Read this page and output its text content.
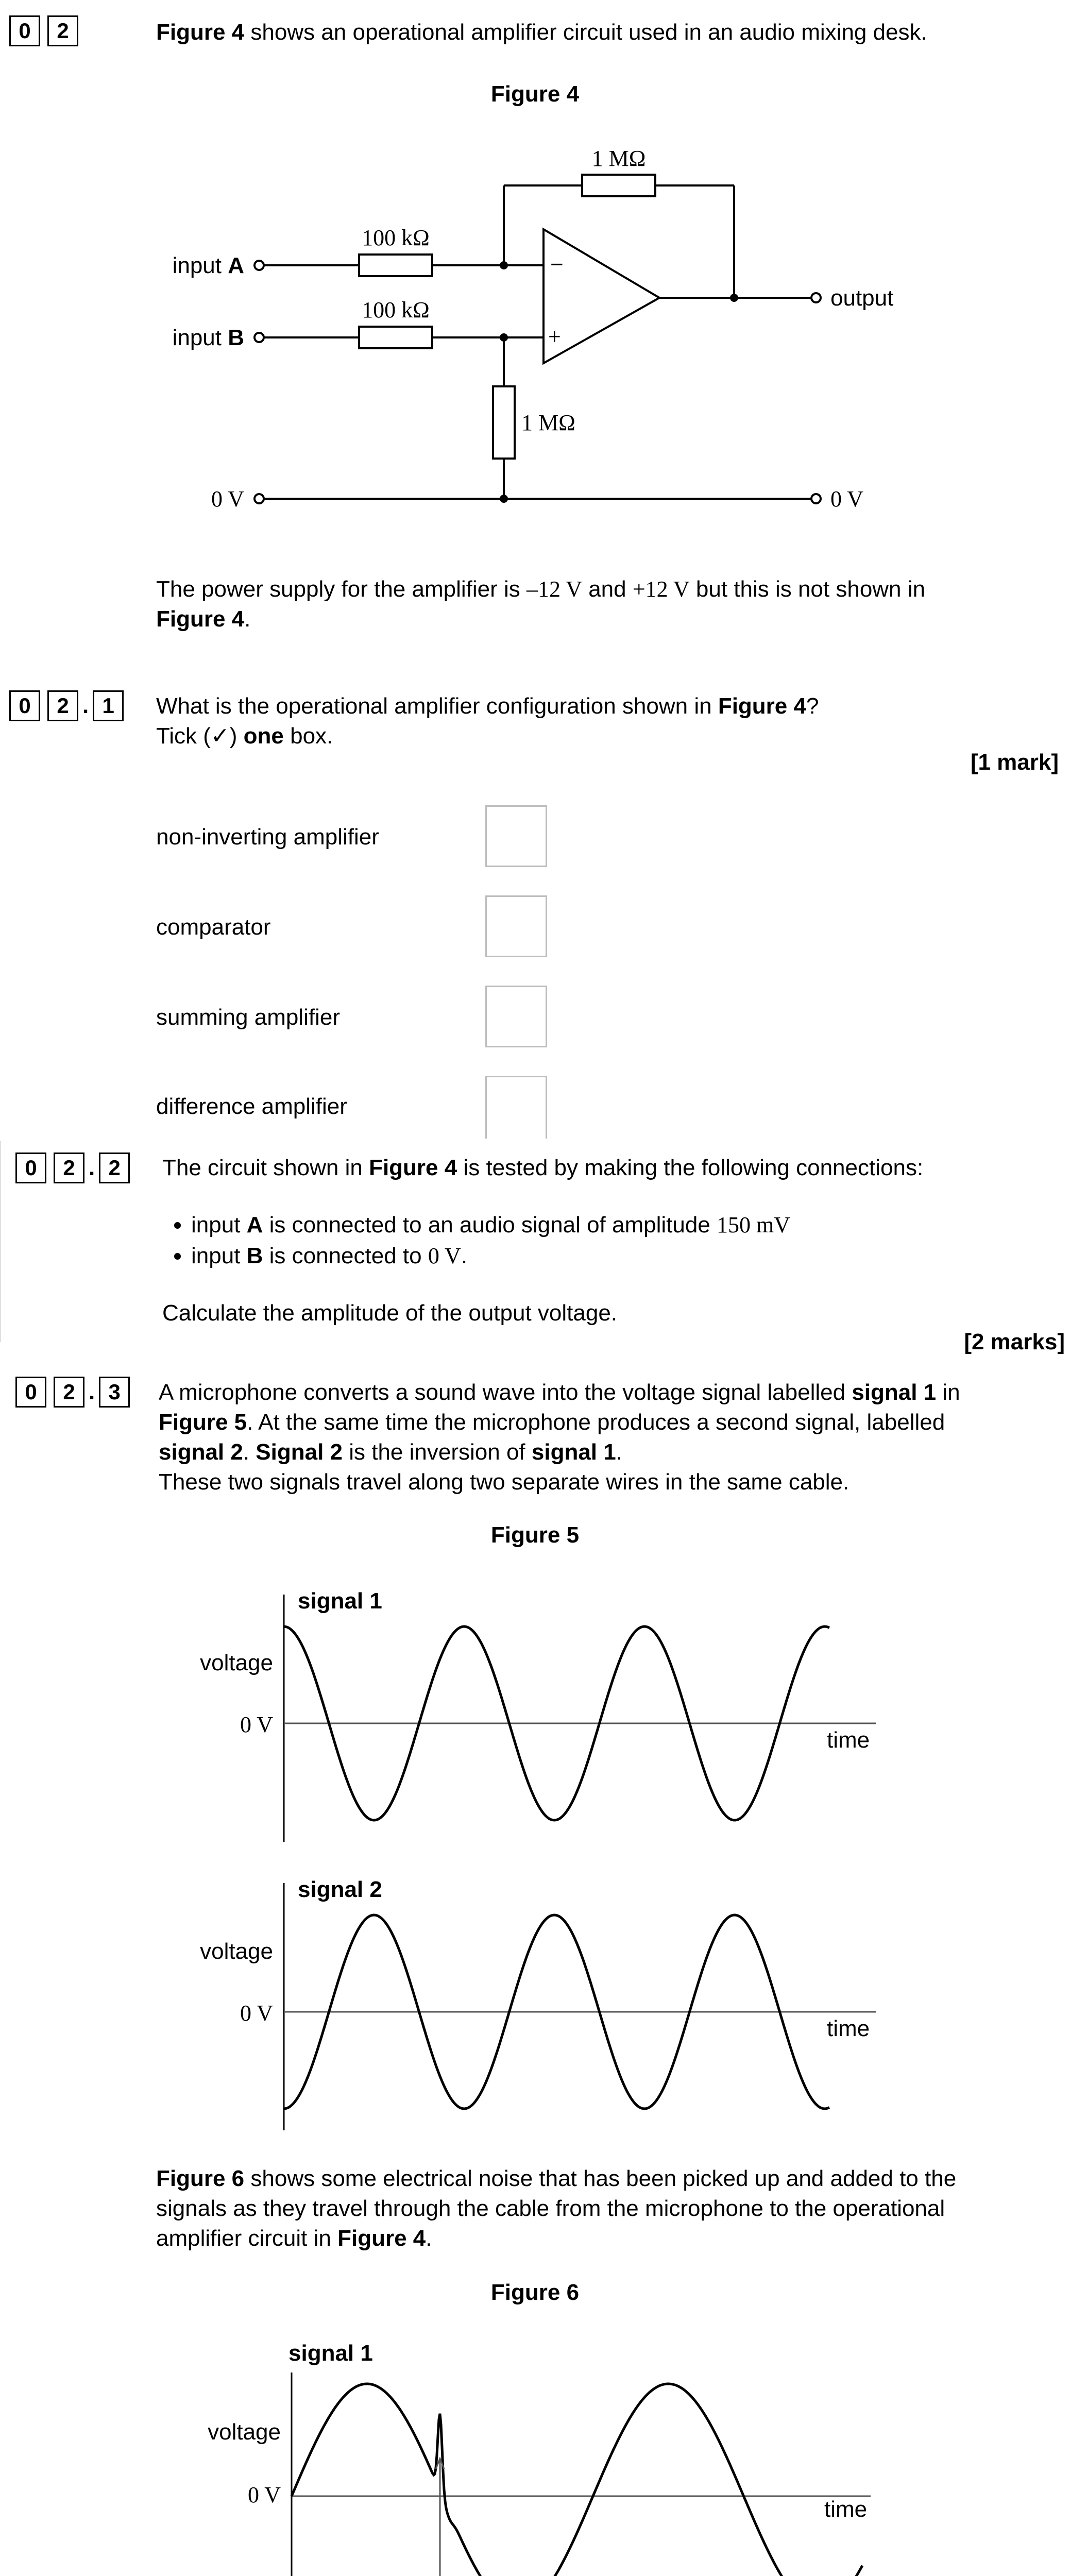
0	2	Figure 4 shows an operational amplifier circuit used in an audio mixing desk.
Figure 4
1 MΩ
100 kΩ
100 kΩ
1 MΩ
−
+
input A
input B
output
0 V	0 V
The power supply for the amplifier is –12 V and +12 V but this is not shown in
Figure 4.
0	2 . 1	What is the operational amplifier configuration shown in Figure 4?
Tick (✓) one box.
[1 mark]
non-inverting amplifier
comparator
summing amplifier
difference amplifier
0	2 . 2	The circuit shown in Figure 4 is tested by making the following connections:
• input A is connected to an audio signal of amplitude 150 mV
• input B is connected to 0 V.
Calculate the amplitude of the output voltage.
[2 marks]
0	2 . 3	A microphone converts a sound wave into the voltage signal labelled signal 1 in
Figure 5. At the same time the microphone produces a second signal, labelled
signal 2. Signal 2 is the inversion of signal 1.
These two signals travel along two separate wires in the same cable.
Figure 5
signal 1
voltage
0 V
time
signal 2
voltage
0 V
time
Figure 6 shows some electrical noise that has been picked up and added to the
signals as they travel through the cable from the microphone to the operational
amplifier circuit in Figure 4.
Figure 6
signal 1
voltage
0 V
time
